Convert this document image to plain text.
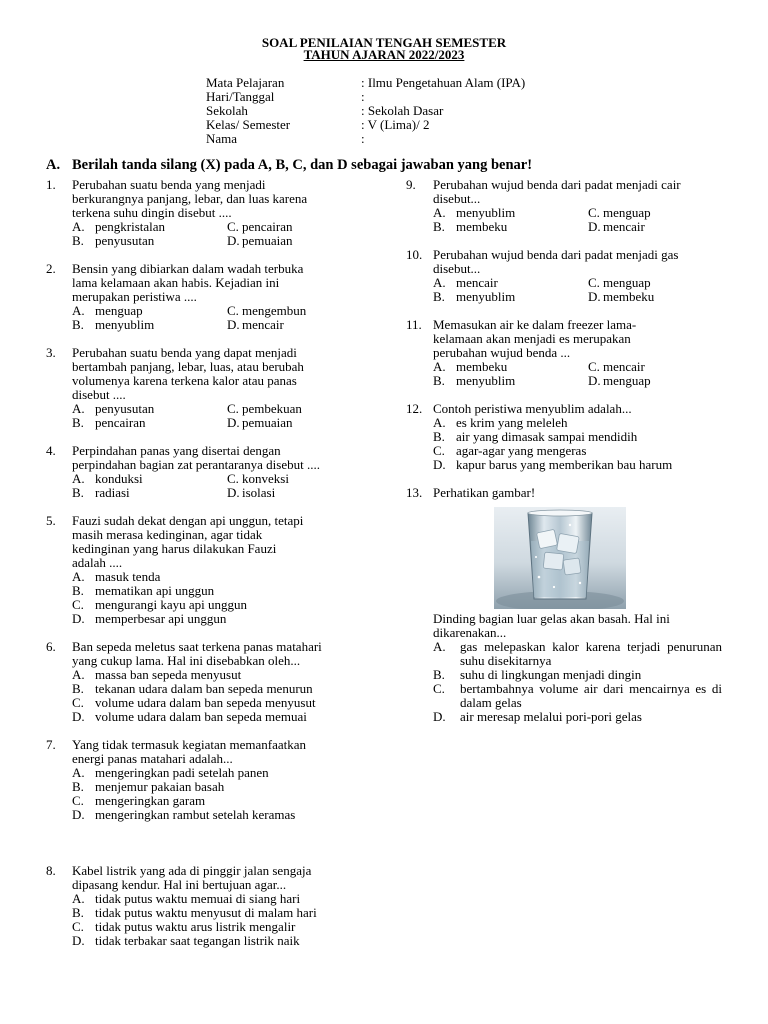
SOAL PENILAIAN TENGAH SEMESTER
TAHUN AJARAN 2022/2023
Mata Pelajaran	: Ilmu Pengetahuan Alam (IPA)
Hari/Tanggal	:
Sekolah	: Sekolah Dasar
Kelas/ Semester	: V (Lima)/ 2
Nama	:
A. Berilah tanda silang (X) pada A, B, C, dan D sebagai jawaban yang benar!
1. Perubahan suatu benda yang menjadi
berkurangnya panjang, lebar, dan luas karena
terkena suhu dingin disebut ....
A. pengkristalan	C. pencairan
B. penyusutan	D. pemuaian
2. Bensin yang dibiarkan dalam wadah terbuka
lama kelamaan akan habis. Kejadian ini
merupakan peristiwa ....
A. menguap	C. mengembun
B. menyublim	D. mencair
3. Perubahan suatu benda yang dapat menjadi
bertambah panjang, lebar, luas, atau berubah
volumenya karena terkena kalor atau panas
disebut ....
A. penyusutan	C. pembekuan
B. pencairan	D. pemuaian
4. Perpindahan panas yang disertai dengan
perpindahan bagian zat perantaranya disebut ....
A. konduksi	C. konveksi
B. radiasi	D. isolasi
5. Fauzi sudah dekat dengan api unggun, tetapi
masih merasa kedinginan, agar tidak
kedinginan yang harus dilakukan Fauzi
adalah ....
A. masuk tenda
B. mematikan api unggun
C. mengurangi kayu api unggun
D. memperbesar api unggun
6. Ban sepeda meletus saat terkena panas matahari
yang cukup lama. Hal ini disebabkan oleh...
A. massa ban sepeda menyusut
B. tekanan udara dalam ban sepeda menurun
C. volume udara dalam ban sepeda menyusut
D. volume udara dalam ban sepeda memuai
7. Yang tidak termasuk kegiatan memanfaatkan
energi panas matahari adalah...
A. mengeringkan padi setelah panen
B. menjemur pakaian basah
C. mengeringkan garam
D. mengeringkan rambut setelah keramas
8. Kabel listrik yang ada di pinggir jalan sengaja
dipasang kendur. Hal ini bertujuan agar...
A. tidak putus waktu memuai di siang hari
B. tidak putus waktu menyusut di malam hari
C. tidak putus waktu arus listrik mengalir
D. tidak terbakar saat tegangan listrik naik
9. Perubahan wujud benda dari padat menjadi cair
disebut...
A. menyublim	C. menguap
B. membeku	D. mencair
10. Perubahan wujud benda dari padat menjadi gas
disebut...
A. mencair	C. menguap
B. menyublim	D. membeku
11. Memasukan air ke dalam freezer lama-
kelamaan akan menjadi es merupakan
perubahan wujud benda ...
A. membeku	C. mencair
B. menyublim	D. menguap
12. Contoh peristiwa menyublim adalah...
A. es krim yang meleleh
B. air yang dimasak sampai mendidih
C. agar-agar yang mengeras
D. kapur barus yang memberikan bau harum
13. Perhatikan gambar!
Dinding bagian luar gelas akan basah. Hal ini
dikarenakan...
A. gas melepaskan kalor karena terjadi penurunan suhu disekitarnya
B. suhu di lingkungan menjadi dingin
C. bertambahnya volume air dari mencairnya es di dalam gelas
D. air meresap melalui pori-pori gelas
